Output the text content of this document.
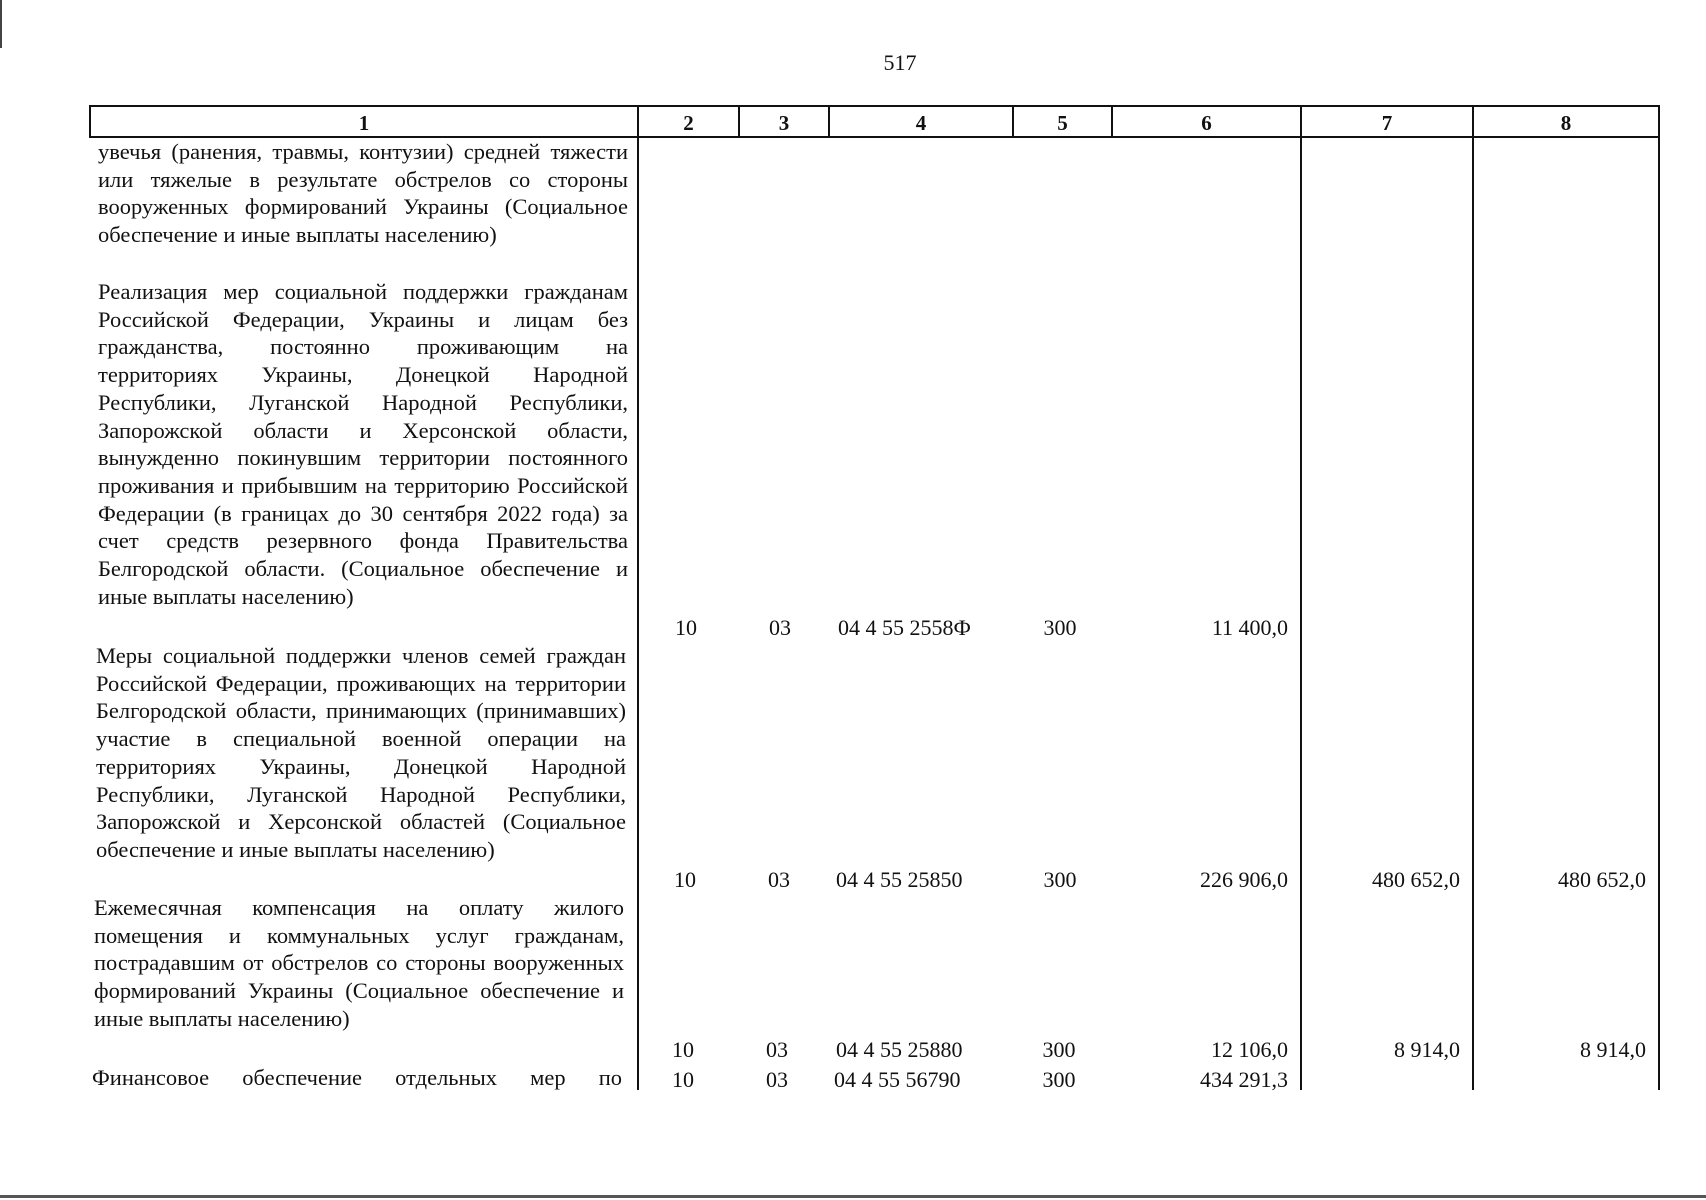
517
1	2	3	4	5	6	7	8
увечья (ранения, травмы, контузии) средней тяжести или тяжелые в результате обстрелов со стороны вооруженных формирований Украины (Социальное обеспечение и иные выплаты населению)
Реализация мер социальной поддержки гражданам Российской Федерации, Украины и лицам без гражданства, постоянно проживающим на территориях Украины, Донецкой Народной Республики, Луганской Народной Республики, Запорожской области и Херсонской области, вынужденно покинувшим территории постоянного проживания и прибывшим на территорию Российской Федерации (в границах до 30 сентября 2022 года) за счет средств резервного фонда Правительства Белгородской области. (Социальное обеспечение и иные выплаты населению)
10	03	04 4 55 2558Ф	300	11 400,0
Меры социальной поддержки членов семей граждан Российской Федерации, проживающих на территории Белгородской области, принимающих (принимавших) участие в специальной военной операции на территориях Украины, Донецкой Народной Республики, Луганской Народной Республики, Запорожской и Херсонской областей (Социальное обеспечение и иные выплаты населению)
10	03	04 4 55 25850	300	226 906,0	480 652,0	480 652,0
Ежемесячная компенсация на оплату жилого помещения и коммунальных услуг гражданам, пострадавшим от обстрелов со стороны вооруженных формирований Украины (Социальное обеспечение и иные выплаты населению)
10	03	04 4 55 25880	300	12 106,0	8 914,0	8 914,0
Финансовое обеспечение отдельных мер по	10	03	04 4 55 56790	300	434 291,3
